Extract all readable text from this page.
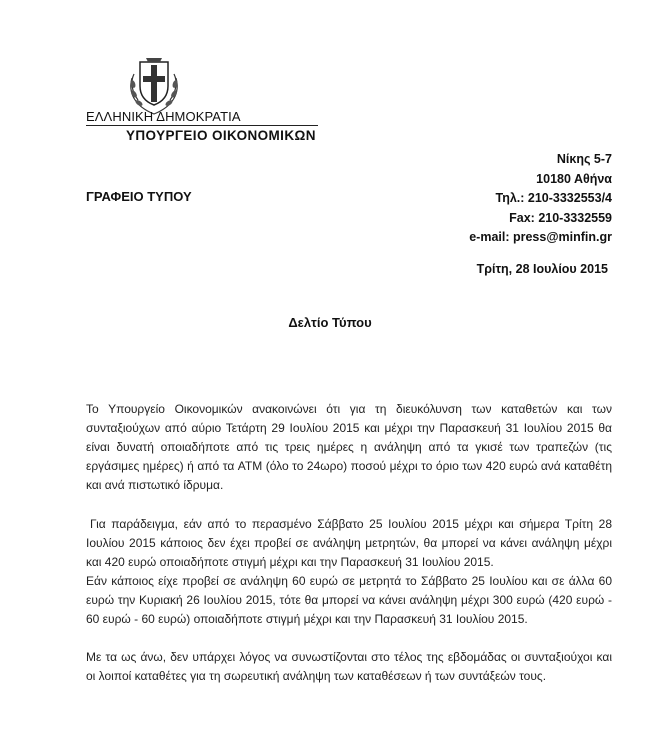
ΕΛΛΗΝΙΚΗ ΔΗΜΟΚΡΑΤΙΑ
ΥΠΟΥΡΓΕΙΟ ΟΙΚΟΝΟΜΙΚΩΝ
ΓΡΑΦΕΙΟ ΤΥΠΟΥ
Νίκης 5-7
10180 Αθήνα
Τηλ.: 210-3332553/4
Fax: 210-3332559
e-mail: press@minfin.gr
Τρίτη, 28 Ιουλίου 2015
Δελτίο Τύπου

Το Υπουργείο Οικονομικών ανακοινώνει ότι για τη διευκόλυνση των καταθετών και των συνταξιούχων από αύριο Τετάρτη 29 Ιουλίου 2015 και μέχρι την Παρασκευή 31 Ιουλίου 2015 θα είναι δυνατή οποιαδήποτε από τις τρεις ημέρες η ανάληψη από τα γκισέ των τραπεζών (τις εργάσιμες ημέρες) ή από τα ATM (όλο το 24ωρο) ποσού μέχρι το όριο των 420 ευρώ ανά καταθέτη και ανά πιστωτικό ίδρυμα.

Για παράδειγμα, εάν από το περασμένο Σάββατο 25 Ιουλίου 2015 μέχρι και σήμερα Τρίτη 28 Ιουλίου 2015 κάποιος δεν έχει προβεί σε ανάληψη μετρητών, θα μπορεί να κάνει ανάληψη μέχρι και 420 ευρώ οποιαδήποτε στιγμή μέχρι και την Παρασκευή 31 Ιουλίου 2015.

Εάν κάποιος είχε προβεί σε ανάληψη 60 ευρώ σε μετρητά το Σάββατο 25 Ιουλίου και σε άλλα 60 ευρώ την Κυριακή 26 Ιουλίου 2015, τότε θα μπορεί να κάνει ανάληψη μέχρι 300 ευρώ (420 ευρώ - 60 ευρώ - 60 ευρώ) οποιαδήποτε στιγμή μέχρι και την Παρασκευή 31 Ιουλίου 2015.

Με τα ως άνω, δεν υπάρχει λόγος να συνωστίζονται στο τέλος της εβδομάδας οι συνταξιούχοι και οι λοιποί καταθέτες για τη σωρευτική ανάληψη των καταθέσεων ή των συντάξεών τους.
